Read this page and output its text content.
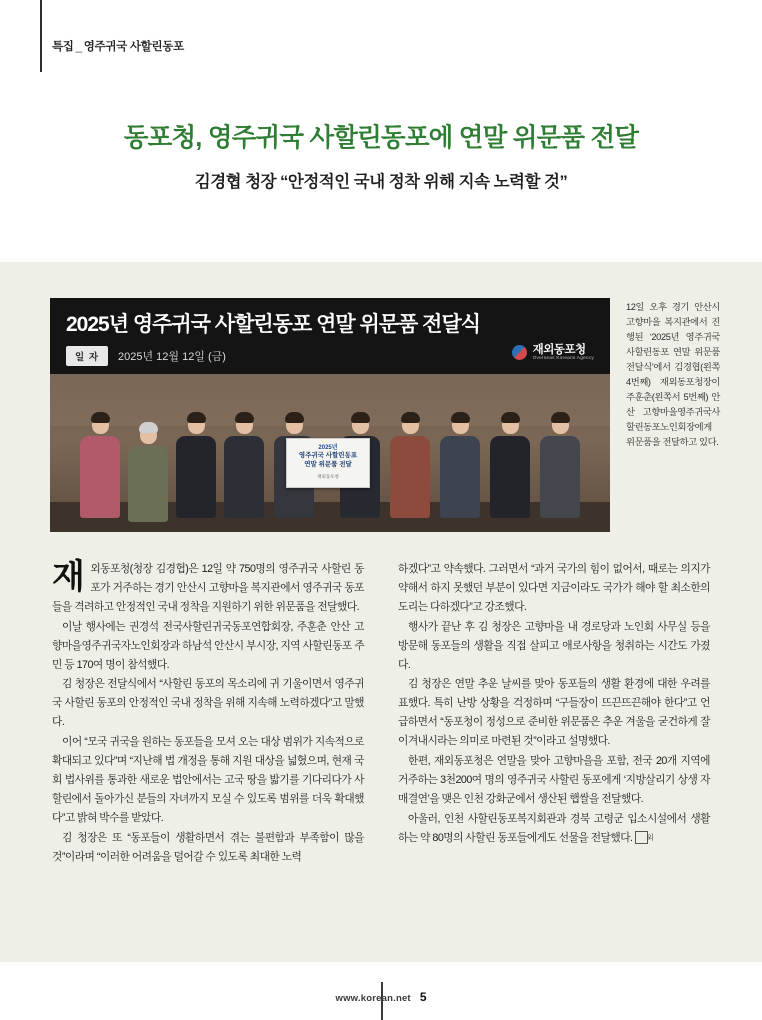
특집 _ 영주귀국 사할린동포
동포청, 영주귀국 사할린동포에 연말 위문품 전달
김경협 청장 “안정적인 국내 정착 위해 지속 노력할 것”
2025년 영주귀국 사할린동포 연말 위문품 전달식
일 자	2025년 12월 12일 (금)
재외동포청
Overseas Koreans Agency
2025년
영주귀국 사할린동포
연말 위문품 전달
재외동포청
12일 오후 경기 안산시 고향마을 복지관에서 진행된 ‘2025년 영주귀국 사할린동포 연말 위문품 전달식’에서 김경협(왼쪽 4번째) 재외동포청장이 주훈춘(왼쪽서 5번째) 안산 고향마을영주귀국사할린동포노인회장에게 위문품을 전달하고 있다.

재외동포청(청장 김경협)은 12일 약 750명의 영주귀국 사할린 동포가 거주하는 경기 안산시 고향마을 복지관에서 영주귀국 동포들을 격려하고 안정적인 국내 정착을 지원하기 위한 위문품을 전달했다.

이날 행사에는 권경석 전국사할린귀국동포연합회장, 주훈춘 안산 고향마을영주귀국자노인회장과 하남석 안산시 부시장, 지역 사할린동포 주민 등 170여 명이 참석했다.

김 청장은 전달식에서 “사할린 동포의 목소리에 귀 기울이면서 영주귀국 사할린 동포의 안정적인 국내 정착을 위해 지속해 노력하겠다”고 말했다.

이어 “모국 귀국을 원하는 동포들을 모셔 오는 대상 범위가 지속적으로 확대되고 있다”며 “지난해 법 개정을 통해 지원 대상을 넓혔으며, 현재 국회 법사위를 통과한 새로운 법안에서는 고국 땅을 밟기를 기다리다가 사할린에서 돌아가신 분들의 자녀까지 모실 수 있도록 범위를 더욱 확대했다”고 밝혀 박수를 받았다.

김 청장은 또 “동포들이 생활하면서 겪는 불편함과 부족함이 많을 것”이라며 “이러한 어려움을 덜어갈 수 있도록 최대한 노력

하겠다”고 약속했다. 그러면서 “과거 국가의 힘이 없어서, 때로는 의지가 약해서 하지 못했던 부분이 있다면 지금이라도 국가가 해야 할 최소한의 도리는 다하겠다”고 강조했다.

행사가 끝난 후 김 청장은 고향마을 내 경로당과 노인회 사무실 등을 방문해 동포들의 생활을 직접 살피고 애로사항을 청취하는 시간도 가졌다.

김 청장은 연말 추운 날씨를 맞아 동포들의 생활 환경에 대한 우려를 표했다. 특히 난방 상황을 걱정하며 “구들장이 뜨끈뜨끈해야 한다”고 언급하면서 “동포청이 정성으로 준비한 위문품은 추운 겨울을 굳건하게 잘 이겨내시라는 의미로 마련된 것”이라고 설명했다.

한편, 재외동포청은 연말을 맞아 고향마을을 포함, 전국 20개 지역에 거주하는 3천200여 명의 영주귀국 사할린 동포에게 ‘지방살리기 상생 자매결연’을 맺은 인천 강화군에서 생산된 햅쌀을 전달했다.

아울러, 인천 사할린동포복지회관과 경북 고령군 입소시설에서 생활하는 약 80명의 사할린 동포들에게도 선물을 전달했다. 외

www.korean.net 5
